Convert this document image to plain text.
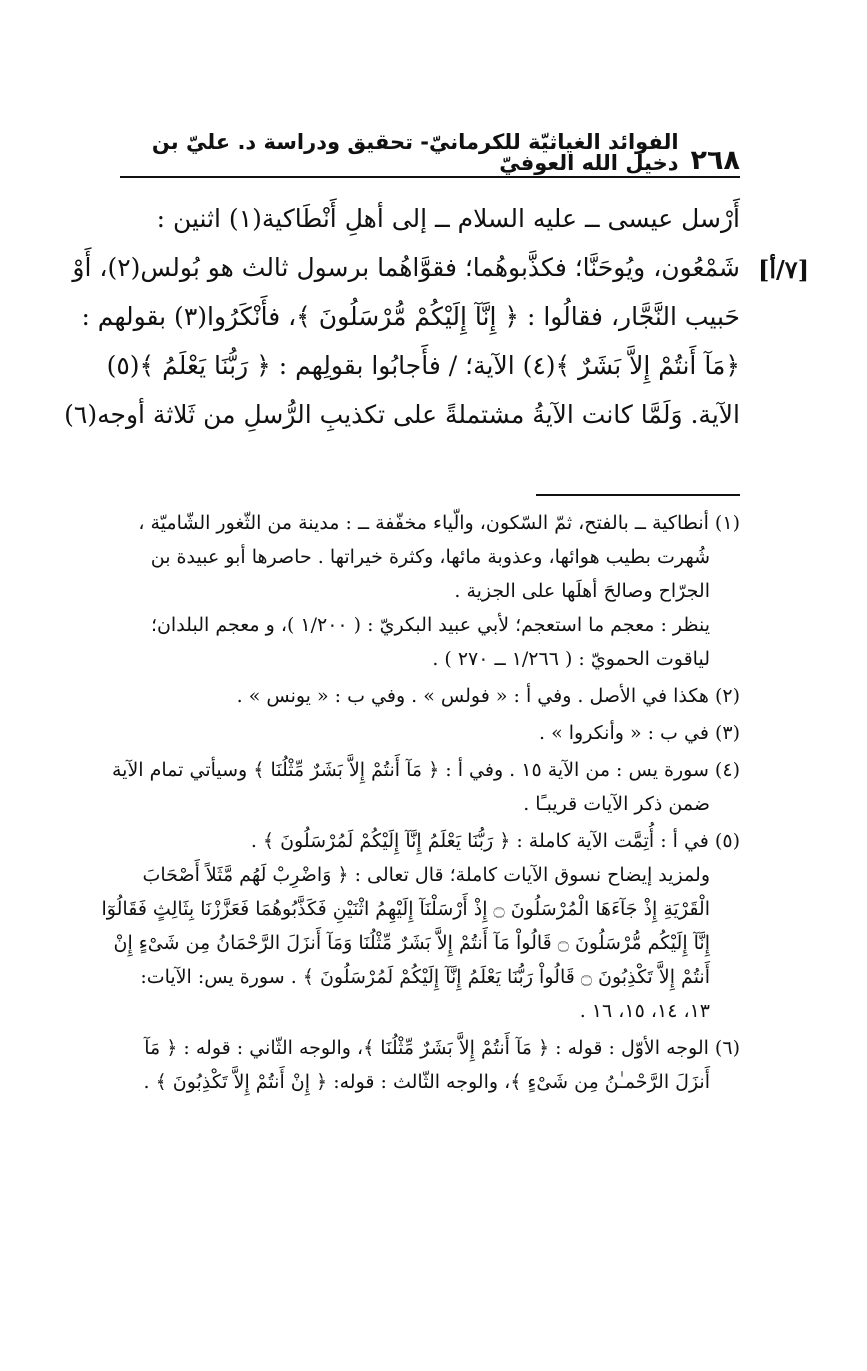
٢٦٨
الفوائد الغياثيّة للكرمانيّ- تحقيق ودراسة د. عليّ بن دخيل الله العوفيّ
[٧/أ]
أَرْسل عيسى ــ عليه السلام ــ إلى أهلِ أَنْطَاكية(١) اثنين :
شَمْعُون، ويُوحَنَّا؛ فكذَّبوهُما؛ فقوَّاهُما برسول ثالث هو بُولس(٢)، أَوْ
حَبيب النَّجَّار، فقالُوا : ﴿ إِنَّآ إِلَيْكُمْ مُّرْسَلُونَ ﴾، فأَنْكَرُوا(٣) بقولهم :
﴿مَآ أَنتُمْ إِلاَّ بَشَرٌ ﴾(٤) الآية؛ / فأَجابُوا بقولِهم : ﴿ رَبُّنَا يَعْلَمُ ﴾(٥)
الآية. وَلَمَّا كانت الآيةُ مشتملةً على تكذيبِ الرُّسلِ من ثَلاثة أوجه(٦)
(١) أنطاكية ــ بالفتح، ثمّ السّكون، والّياء مخفّفة ــ : مدينة من الثّغور الشّاميّة ،
شُهرت بطيب هوائها، وعذوبة مائها، وكثرة خيراتها . حاصرها أبو عبيدة بن
الجرّاح وصالحَ أهلَها على الجزية .
ينظر : معجم ما استعجم؛ لأبي عبيد البكريّ : ( ١/٢٠٠ )، و معجم البلدان؛
لياقوت الحمويّ : ( ١/٢٦٦ ــ ٢٧٠ ) .
(٢) هكذا في الأصل . وفي أ : « فولس » . وفي ب : « يونس » .
(٣) في ب : « وأنكروا » .
(٤) سورة يس : من الآية ١٥ . وفي أ : ﴿ مَآ أَنتُمْ إِلاَّ بَشَرٌ مِّثْلُنَا ﴾ وسيأتي تمام الآية
ضمن ذكر الآيات قريبـًا .
(٥) في أ : أُتِمَّت الآية كاملة : ﴿ رَبُّنَا يَعْلَمُ إِنَّآ إِلَيْكُمْ لَمُرْسَلُونَ ﴾ .
ولمزيد إيضاح نسوق الآيات كاملة؛ قال تعالى : ﴿ وَاضْرِبْ لَهُم مَّثَلاً أَصْحَابَ
الْقَرْيَةِ إِذْ جَآءَهَا الْمُرْسَلُونَ ۝ إِذْ أَرْسَلْنَآ إِلَيْهِمُ اثْنَيْنِ فَكَذَّبُوهُمَا فَعَزَّزْنَا بِثَالِثٍ فَقَالُوٓا
إِنَّآ إِلَيْكُم مُّرْسَلُونَ ۝ قَالُواْ مَآ أَنتُمْ إِلاَّ بَشَرٌ مِّثْلُنَا وَمَآ أَنزَلَ الرَّحْمَانُ مِن شَىْءٍ إِنْ
أَنتُمْ إِلاَّ تَكْذِبُونَ ۝ قَالُواْ رَبُّنَا يَعْلَمُ إِنَّآ إِلَيْكُمْ لَمُرْسَلُونَ ﴾ . سورة يس: الآيات:
١٣، ١٤، ١٥، ١٦ .
(٦) الوجه الأوّل : قوله : ﴿ مَآ أَنتُمْ إِلاَّ بَشَرٌ مِّثْلُنَا ﴾، والوجه الثّاني : قوله : ﴿ مَآ
أَنزَلَ الرَّحْمـٰنُ مِن شَىْءٍ ﴾، والوجه الثّالث : قوله: ﴿ إِنْ أَنتُمْ إِلاَّ تَكْذِبُونَ ﴾ .
